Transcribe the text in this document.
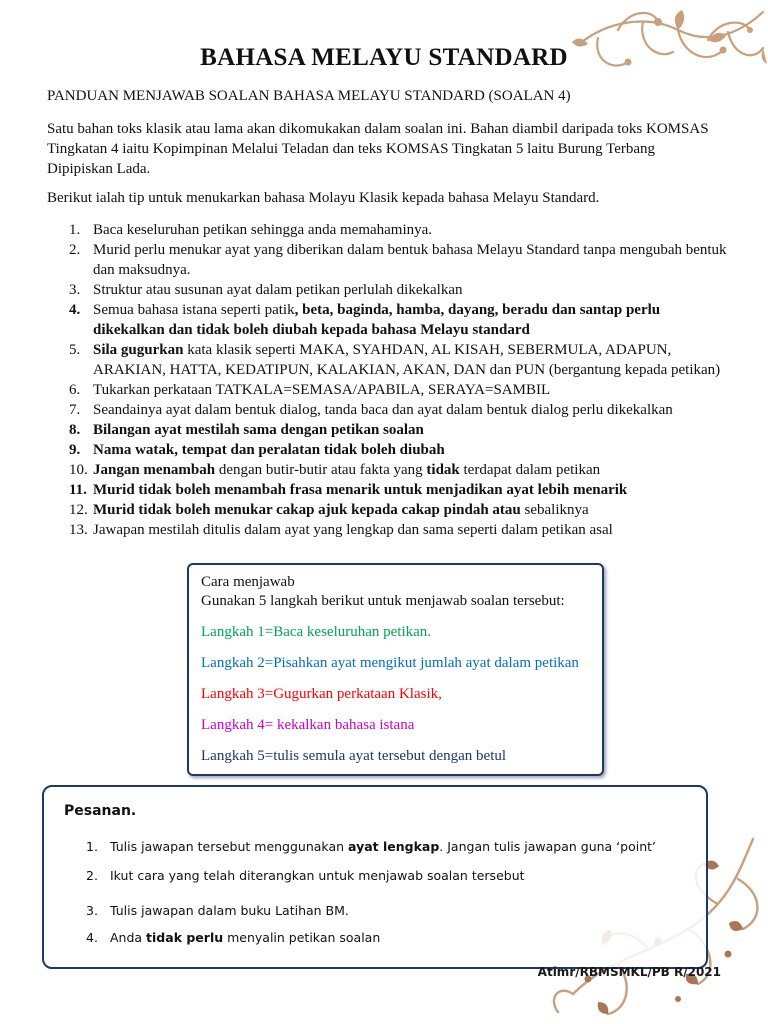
BAHASA MELAYU STANDARD
PANDUAN MENJAWAB SOALAN BAHASA MELAYU STANDARD (SOALAN 4)
Satu bahan toks klasik atau lama akan dikomukakan dalam soalan ini. Bahan diambil daripada toks KOMSAS Tingkatan 4 iaitu Kopimpinan Melalui Teladan dan teks KOMSAS Tingkatan 5 laitu Burung Terbang Dipipiskan Lada.
Berikut ialah tip untuk menukarkan bahasa Molayu Klasik kepada bahasa Melayu Standard.
1. Baca keseluruhan petikan sehingga anda memahaminya.
2. Murid perlu menukar ayat yang diberikan dalam bentuk bahasa Melayu Standard tanpa mengubah bentuk dan maksudnya.
3. Struktur atau susunan ayat dalam petikan perlulah dikekalkan
4. Semua bahasa istana seperti patik, beta, baginda, hamba, dayang, beradu dan santap perlu dikekalkan dan tidak boleh diubah kepada bahasa Melayu standard
5. Sila gugurkan kata klasik seperti MAKA, SYAHDAN, AL KISAH, SEBERMULA, ADAPUN, ARAKIAN, HATTA, KEDATIPUN, KALAKIAN, AKAN, DAN dan PUN (bergantung kepada petikan)
6. Tukarkan perkataan TATKALA=SEMASA/APABILA, SERAYA=SAMBIL
7. Seandainya ayat dalam bentuk dialog, tanda baca dan ayat dalam bentuk dialog perlu dikekalkan
8. Bilangan ayat mestilah sama dengan petikan soalan
9. Nama watak, tempat dan peralatan tidak boleh diubah
10. Jangan menambah dengan butir-butir atau fakta yang tidak terdapat dalam petikan
11. Murid tidak boleh menambah frasa menarik untuk menjadikan ayat lebih menarik
12. Murid tidak boleh menukar cakap ajuk kepada cakap pindah atau sebaliknya
13. Jawapan mestilah ditulis dalam ayat yang lengkap dan sama seperti dalam petikan asal
Cara menjawab
Gunakan 5 langkah berikut untuk menjawab soalan tersebut:
Langkah 1=Baca keseluruhan petikan.
Langkah 2=Pisahkan ayat mengikut jumlah ayat dalam petikan
Langkah 3=Gugurkan perkataan Klasik,
Langkah 4= kekalkan bahasa istana
Langkah 5=tulis semula ayat tersebut dengan betul
Pesanan.
1. Tulis jawapan tersebut menggunakan ayat lengkap. Jangan tulis jawapan guna ‘point’
2. Ikut cara yang telah diterangkan untuk menjawab soalan tersebut
3. Tulis jawapan dalam buku Latihan BM.
4. Anda tidak perlu menyalin petikan soalan
Atimr/RBMSMKL/PB R/2021
